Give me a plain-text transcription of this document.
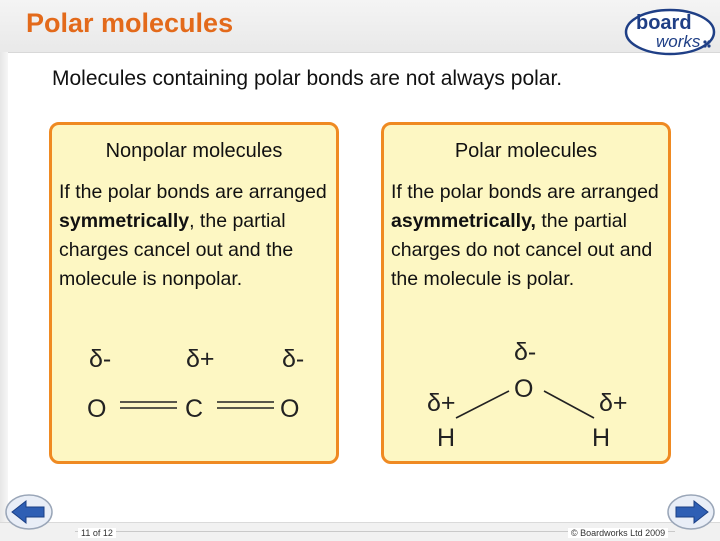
Polar molecules	board
works
Molecules containing polar bonds are not always polar.
Nonpolar molecules
If the polar bonds are arranged symmetrically, the partial charges cancel out and the molecule is nonpolar.
δ-	δ+	δ-
O	C	O
Polar molecules
If the polar bonds are arranged asymmetrically, the partial charges do not cancel out and the molecule is polar.
δ-
O
δ+	δ+
H	H
11 of 12	© Boardworks Ltd 2009
